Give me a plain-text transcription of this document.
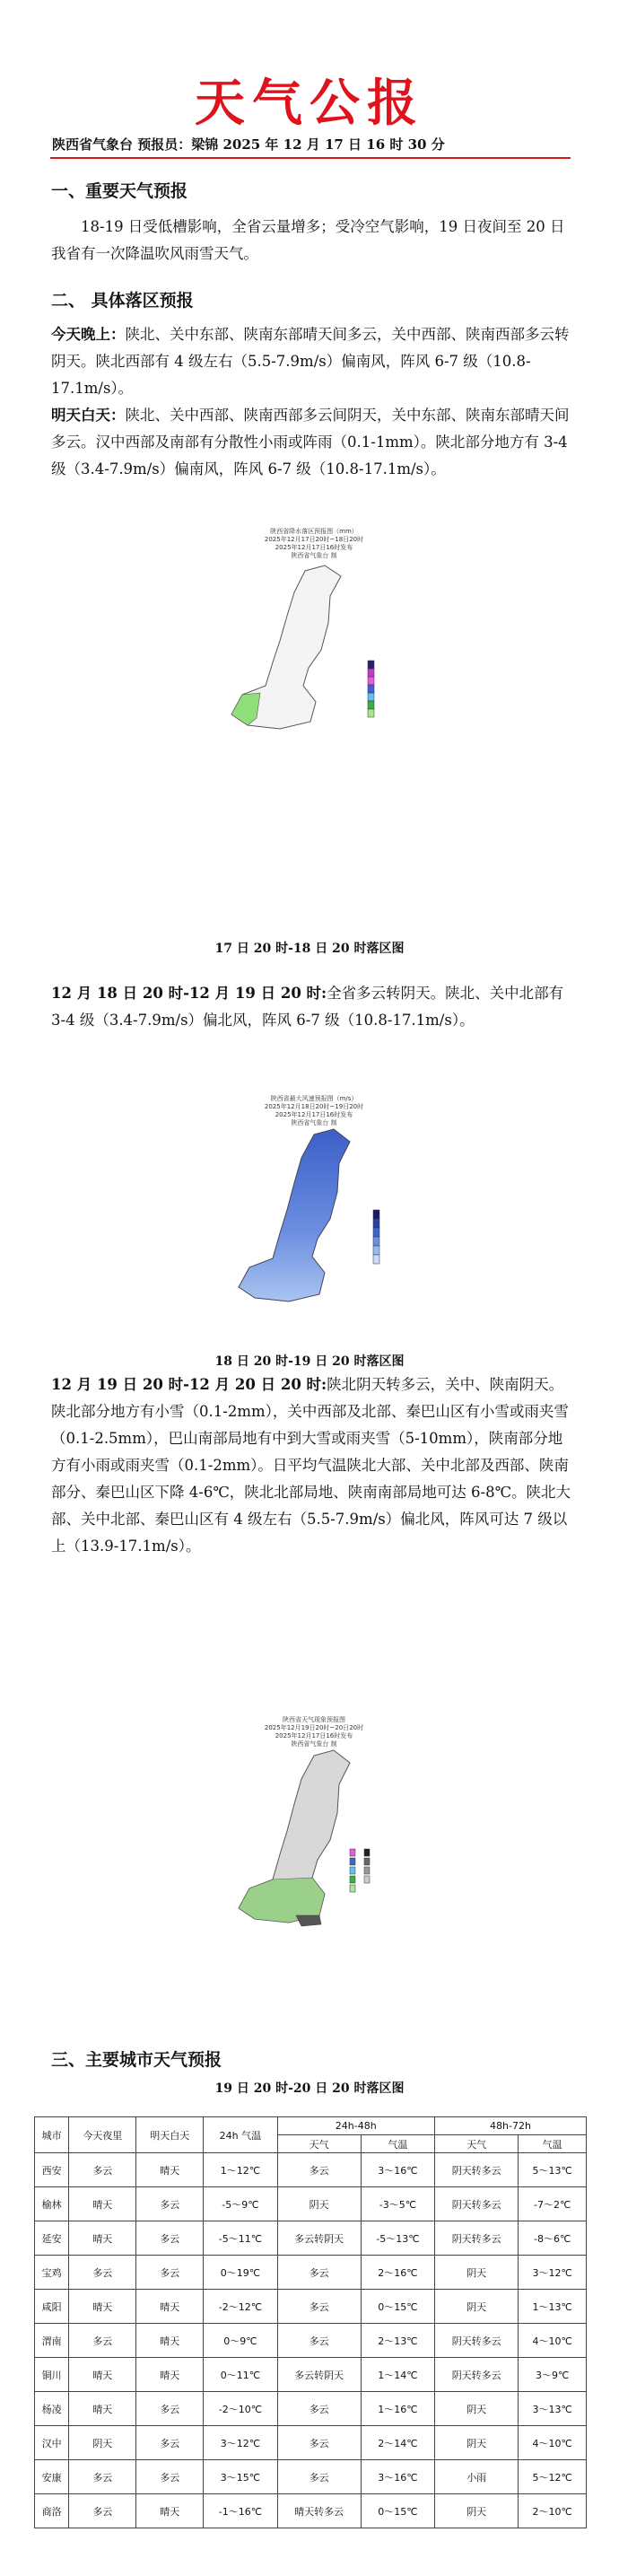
天气公报
陕西省气象台 预报员：梁锦 2025 年 12 月 17 日 16 时 30 分
一、重要天气预报
18-19 日受低槽影响，全省云量增多；受冷空气影响，19 日夜间至 20 日我省有一次降温吹风雨雪天气。
二、 具体落区预报
今天晚上：陕北、关中东部、陕南东部晴天间多云，关中西部、陕南西部多云转阴天。陕北西部有 4 级左右（5.5-7.9m/s）偏南风，阵风 6-7 级（10.8-17.1m/s）。
明天白天：陕北、关中西部、陕南西部多云间阴天，关中东部、陕南东部晴天间多云。汉中西部及南部有分散性小雨或阵雨（0.1-1mm）。陕北部分地方有 3-4 级（3.4-7.9m/s）偏南风，阵风 6-7 级（10.8-17.1m/s）。
陕西省降水落区预报图（mm）
2025年12月17日20时~18日20时
2025年12月17日16时发布
陕西省气象台 制
17 日 20 时-18 日 20 时落区图
12 月 18 日 20 时-12 月 19 日 20 时:全省多云转阴天。陕北、关中北部有 3-4 级（3.4-7.9m/s）偏北风，阵风 6-7 级（10.8-17.1m/s）。
陕西省最大风速预报图（m/s）
2025年12月18日20时~19日20时
2025年12月17日16时发布
陕西省气象台 制
18 日 20 时-19 日 20 时落区图
12 月 19 日 20 时-12 月 20 日 20 时:陕北阴天转多云，关中、陕南阴天。陕北部分地方有小雪（0.1-2mm），关中西部及北部、秦巴山区有小雪或雨夹雪（0.1-2.5mm），巴山南部局地有中到大雪或雨夹雪（5-10mm），陕南部分地方有小雨或雨夹雪（0.1-2mm）。日平均气温陕北大部、关中北部及西部、陕南部分、秦巴山区下降 4-6℃，陕北北部局地、陕南南部局地可达 6-8℃。陕北大部、关中北部、秦巴山区有 4 级左右（5.5-7.9m/s）偏北风，阵风可达 7 级以上（13.9-17.1m/s）。
陕西省天气现象预报图
2025年12月19日20时~20日20时
2025年12月17日16时发布
陕西省气象台 制
19 日 20 时-20 日 20 时落区图
三、主要城市天气预报
城市	今天夜里	明天白天	24h 气温	24h-48h		48h-72h	
				天气	气温	天气	气温
西安	多云	晴天	1～12℃	多云	3～16℃	阴天转多云	5～13℃
榆林	晴天	多云	-5～9℃	阴天	-3～5℃	阴天转多云	-7～2℃
延安	晴天	多云	-5～11℃	多云转阴天	-5～13℃	阴天转多云	-8～6℃
宝鸡	多云	多云	0～19℃	多云	2～16℃	阴天	3～12℃
咸阳	晴天	晴天	-2～12℃	多云	0～15℃	阴天	1～13℃
渭南	多云	晴天	0～9℃	多云	2～13℃	阴天转多云	4～10℃
铜川	晴天	晴天	0～11℃	多云转阴天	1～14℃	阴天转多云	3～9℃
杨凌	晴天	多云	-2～10℃	多云	1～16℃	阴天	3～13℃
汉中	阴天	多云	3～12℃	多云	2～14℃	阴天	4～10℃
安康	多云	多云	3～15℃	多云	3～16℃	小雨	5～12℃
商洛	多云	晴天	-1～16℃	晴天转多云	0～15℃	阴天	2～10℃
